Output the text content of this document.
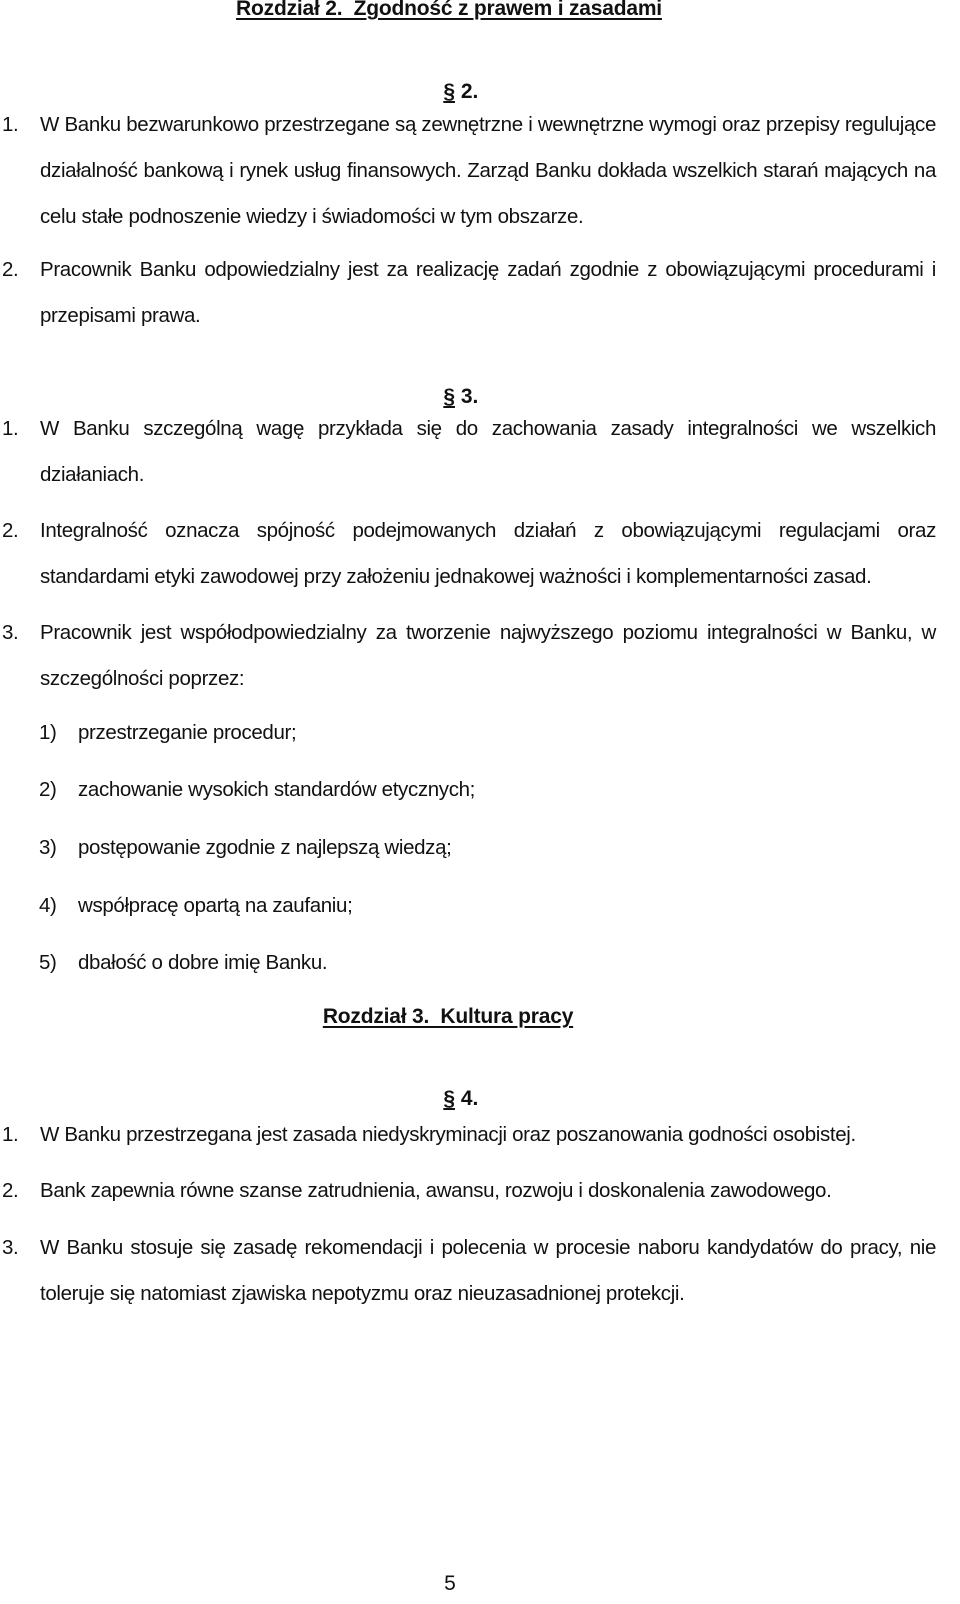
Rozdział 2.  Zgodność z prawem i zasadami

§ 2.

1. W Banku bezwarunkowo przestrzegane są zewnętrzne i wewnętrzne wymogi oraz przepisy regulujące działalność bankową i rynek usług finansowych. Zarząd Banku dokłada wszelkich starań mających na celu stałe podnoszenie wiedzy i świadomości w tym obszarze.
2. Pracownik Banku odpowiedzialny jest za realizację zadań zgodnie z obowiązującymi procedurami i przepisami prawa.

§ 3.

1. W Banku szczególną wagę przykłada się do zachowania zasady integralności we wszelkich działaniach.
2. Integralność oznacza spójność podejmowanych działań z obowiązującymi regulacjami oraz standardami etyki zawodowej przy założeniu jednakowej ważności i komplementarności zasad.
3. Pracownik jest współodpowiedzialny za tworzenie najwyższego poziomu integralności w Banku, w szczególności poprzez:
1) przestrzeganie procedur;
2) zachowanie wysokich standardów etycznych;
3) postępowanie zgodnie z najlepszą wiedzą;
4) współpracę opartą na zaufaniu;
5) dbałość o dobre imię Banku.
Rozdział 3.  Kultura pracy

§ 4.

1. W Banku przestrzegana jest zasada niedyskryminacji oraz poszanowania godności osobistej.
2. Bank zapewnia równe szanse zatrudnienia, awansu, rozwoju i doskonalenia zawodowego.
3. W Banku stosuje się zasadę rekomendacji i polecenia w procesie naboru kandydatów do pracy, nie toleruje się natomiast zjawiska nepotyzmu oraz nieuzasadnionej protekcji.
5
